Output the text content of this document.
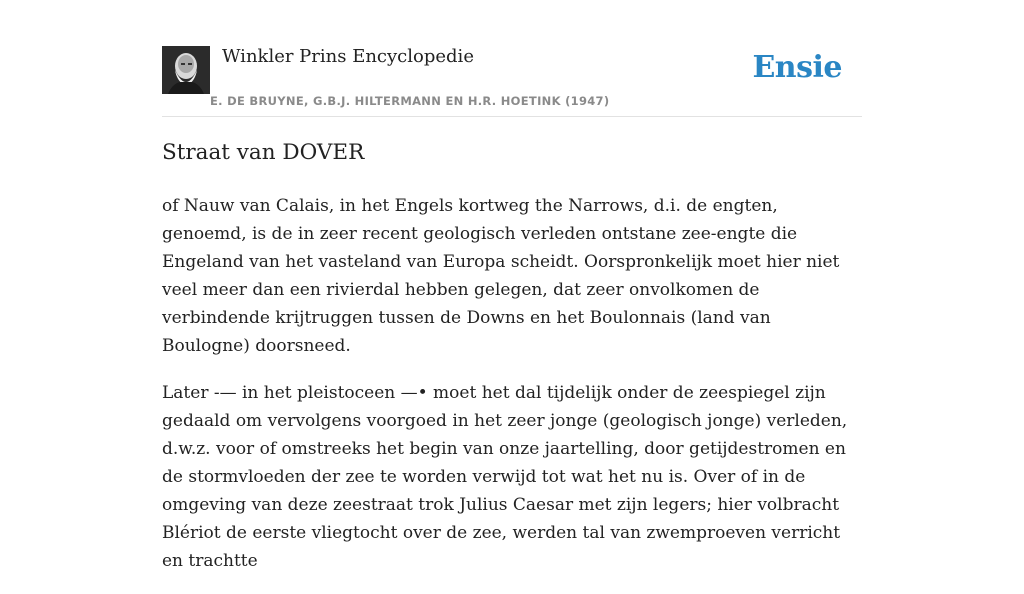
Winkler Prins Encyclopedie
E. DE BRUYNE, G.B.J. HILTERMANN EN H.R. HOETINK (1947)
Ensie
Straat van DOVER

of Nauw van Calais, in het Engels kortweg the Narrows, d.i. de engten, genoemd, is de in zeer recent geologisch verleden ontstane zee-engte die Engeland van het vasteland van Europa scheidt. Oorspronkelijk moet hier niet veel meer dan een rivierdal hebben gelegen, dat zeer onvolkomen de verbindende krijtruggen tussen de Downs en het Boulonnais (land van Boulogne) doorsneed.

Later -— in het pleistoceen —• moet het dal tijdelijk onder de zeespiegel zijn gedaald om vervolgens voorgoed in het zeer jonge (geologisch jonge) verleden, d.w.z. voor of omstreeks het begin van onze jaartelling, door getijdestromen en de stormvloeden der zee te worden verwijd tot wat het nu is. Over of in de omgeving van deze zeestraat trok Julius Caesar met zijn legers; hier volbracht Blériot de eerste vliegtocht over de zee, werden tal van zwemproeven verricht en trachtte
